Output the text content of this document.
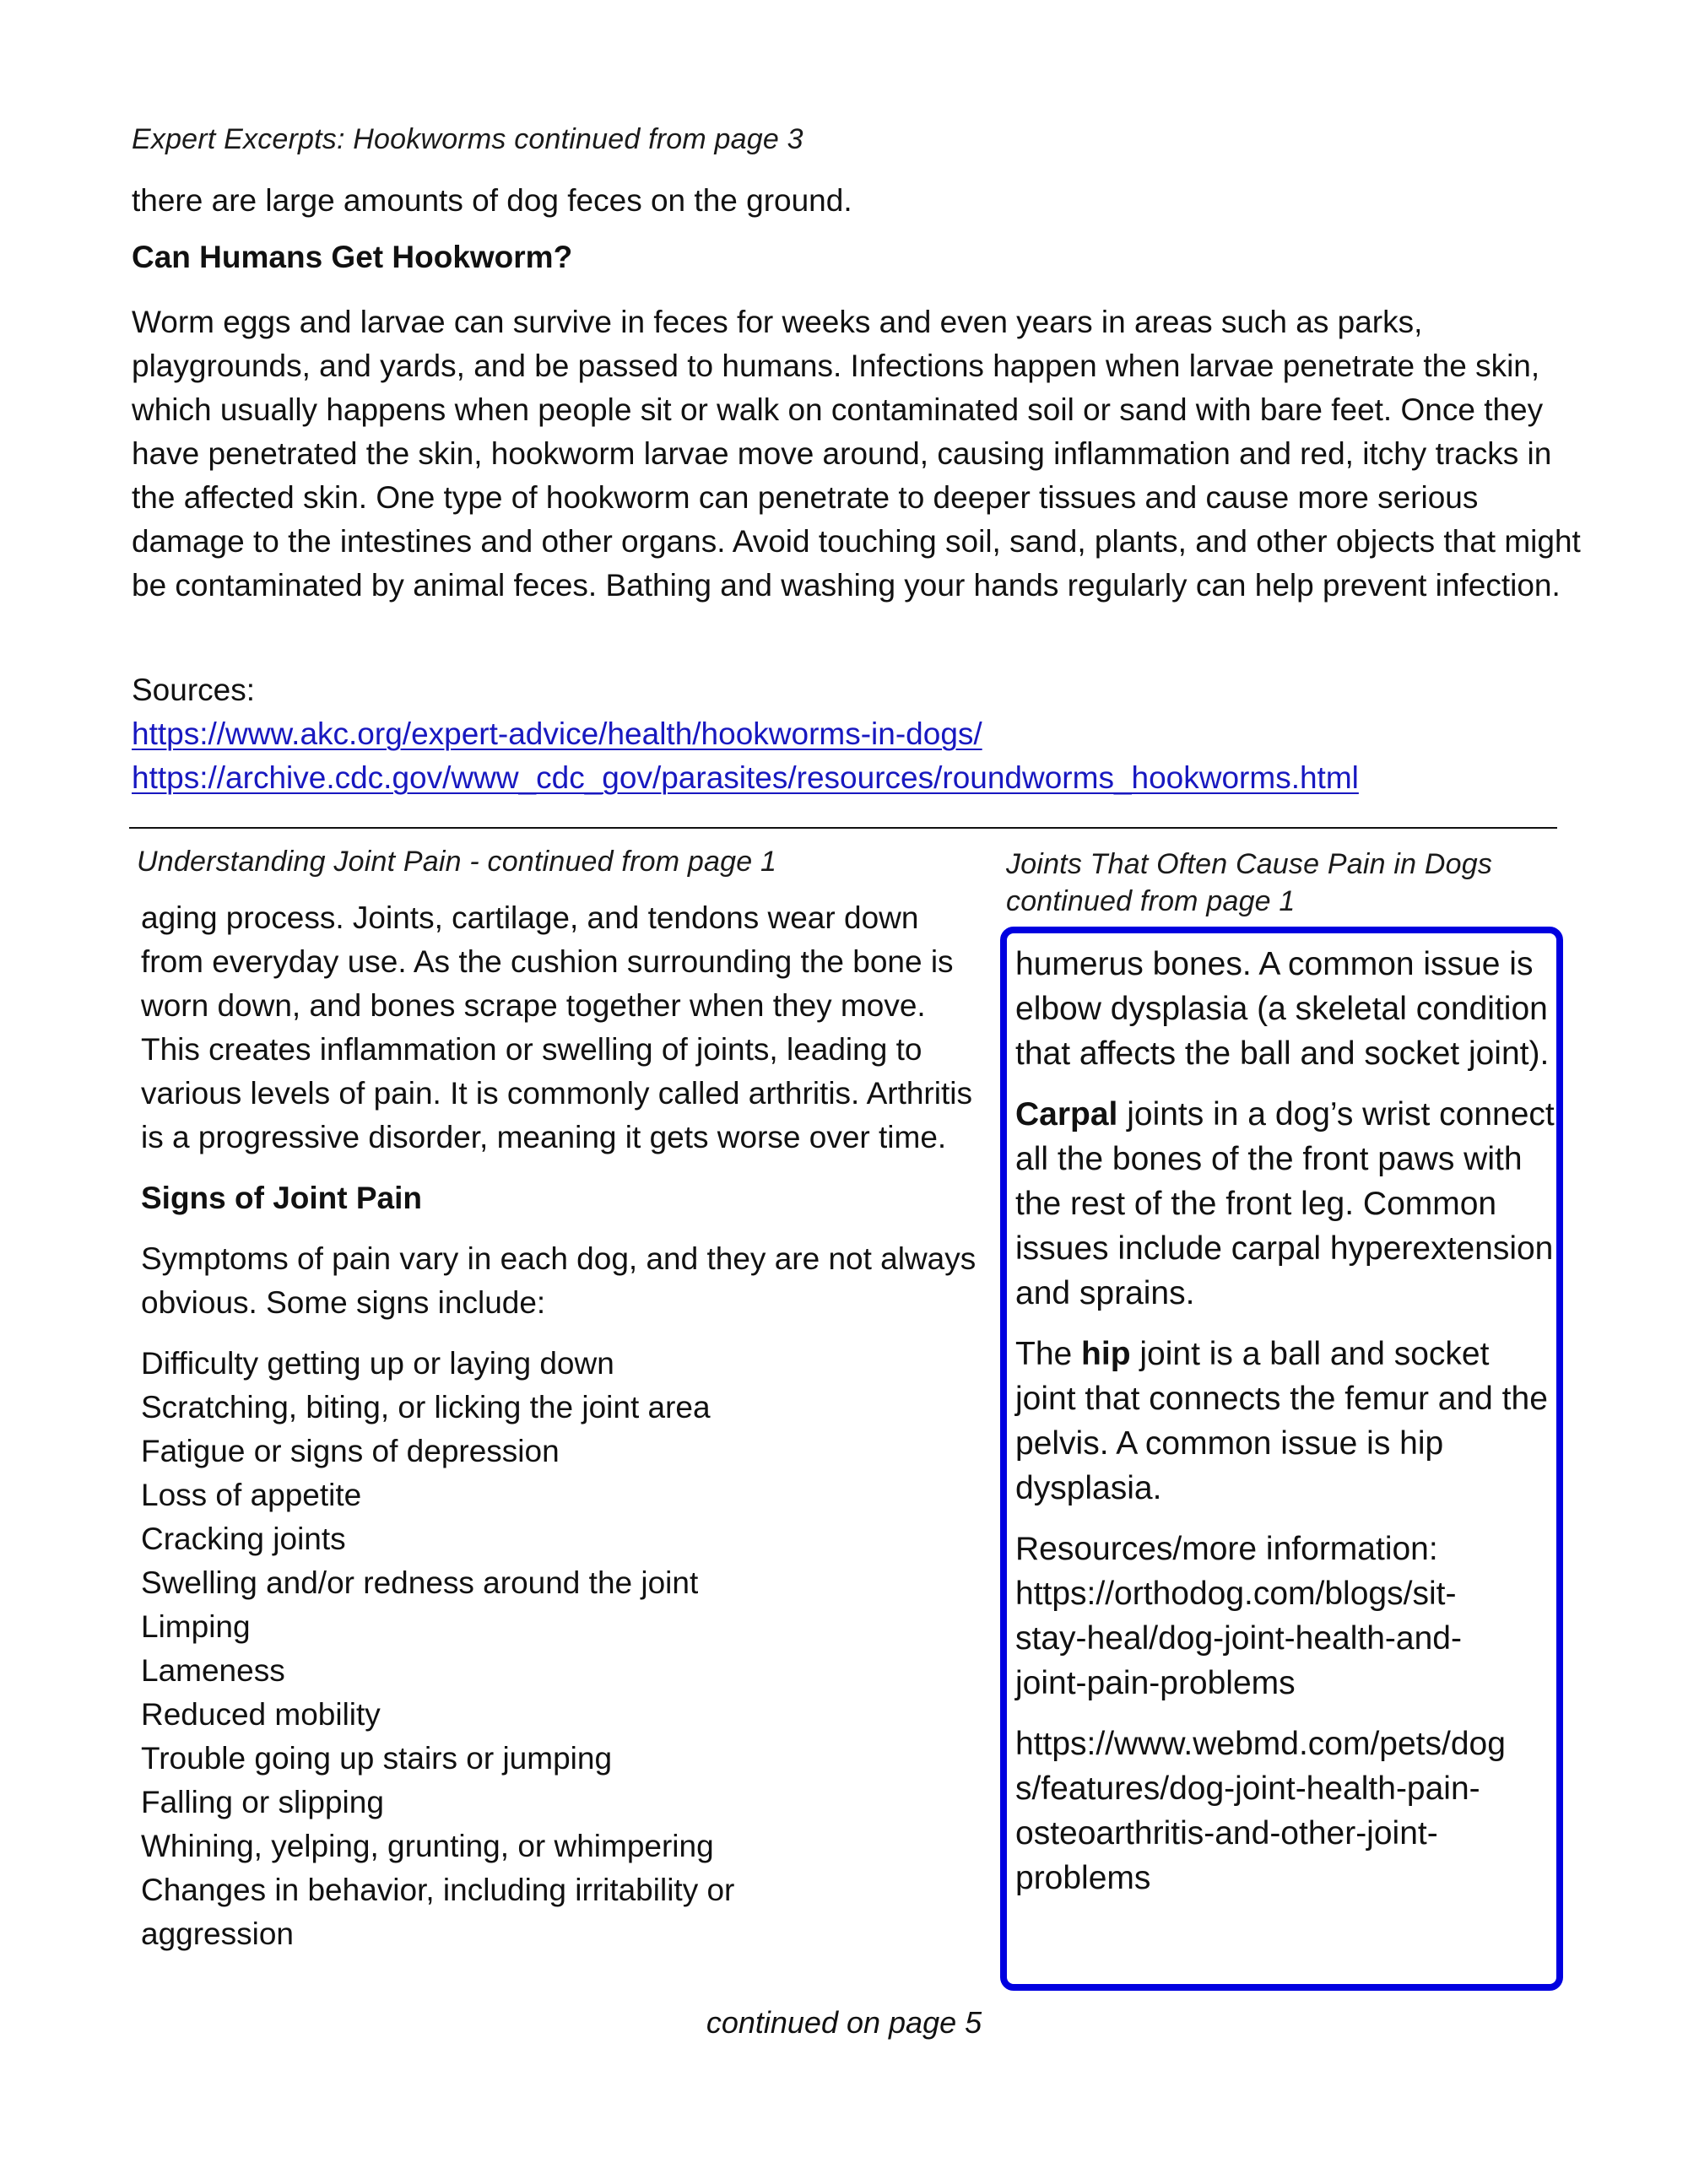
Expert Excerpts: Hookworms continued from page 3
there are large amounts of dog feces on the ground.
Can Humans Get Hookworm?
Worm eggs and larvae can survive in feces for weeks and even years in areas such as parks, playgrounds, and yards, and be passed to humans. Infections happen when larvae penetrate the skin, which usually happens when people sit or walk on contaminated soil or sand with bare feet. Once they have penetrated the skin, hookworm larvae move around, causing inflammation and red, itchy tracks in the affected skin. One type of hookworm can penetrate to deeper tissues and cause more serious damage to the intestines and other organs. Avoid touching soil, sand, plants, and other objects that might be contaminated by animal feces. Bathing and washing your hands regularly can help prevent infection.
Sources:
https://www.akc.org/expert-advice/health/hookworms-in-dogs/
https://archive.cdc.gov/www_cdc_gov/parasites/resources/roundworms_hookworms.html
Understanding Joint Pain - continued from page 1

aging process. Joints, cartilage, and tendons wear down from everyday use. As the cushion surrounding the bone is worn down, and bones scrape together when they move. This creates inflammation or swelling of joints, leading to various levels of pain. It is commonly called arthritis. Arthritis is a progressive disorder, meaning it gets worse over time.

Signs of Joint Pain

Symptoms of pain vary in each dog, and they are not always obvious. Some signs include:

Difficulty getting up or laying down
Scratching, biting, or licking the joint area
Fatigue or signs of depression
Loss of appetite
Cracking joints
Swelling and/or redness around the joint
Limping
Lameness
Reduced mobility
Trouble going up stairs or jumping
Falling or slipping
Whining, yelping, grunting, or whimpering
Changes in behavior, including irritability or aggression
Joints That Often Cause Pain in Dogs
continued from page 1

humerus bones. A common issue is elbow dysplasia (a skeletal condition that affects the ball and socket joint).

Carpal joints in a dog’s wrist connect all the bones of the front paws with the rest of the front leg. Common issues include carpal hyperextension and sprains.

The hip joint is a ball and socket joint that connects the femur and the pelvis. A common issue is hip dysplasia.

Resources/more information:
https://orthodog.com/blogs/sit-stay-heal/dog-joint-health-and-joint-pain-problems

https://www.webmd.com/pets/dogs/features/dog-joint-health-pain-osteoarthritis-and-other-joint-problems

continued on page 5
